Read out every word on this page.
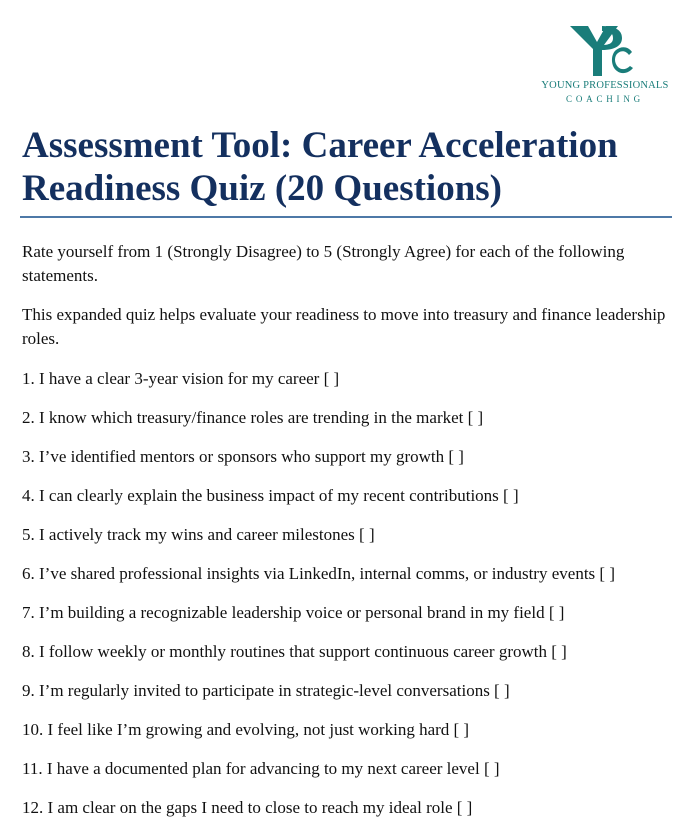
YOUNG PROFESSIONALS
COACHING
Assessment Tool: Career Acceleration Readiness Quiz (20 Questions)

Rate yourself from 1 (Strongly Disagree) to 5 (Strongly Agree) for each of the following statements.

This expanded quiz helps evaluate your readiness to move into treasury and finance leadership roles.

1. I have a clear 3-year vision for my career [ ]
2. I know which treasury/finance roles are trending in the market [ ]
3. I’ve identified mentors or sponsors who support my growth [ ]
4. I can clearly explain the business impact of my recent contributions [ ]
5. I actively track my wins and career milestones [ ]
6. I’ve shared professional insights via LinkedIn, internal comms, or industry events [ ]
7. I’m building a recognizable leadership voice or personal brand in my field [ ]
8. I follow weekly or monthly routines that support continuous career growth [ ]
9. I’m regularly invited to participate in strategic-level conversations [ ]
10. I feel like I’m growing and evolving, not just working hard [ ]
11. I have a documented plan for advancing to my next career level [ ]
12. I am clear on the gaps I need to close to reach my ideal role [ ]
